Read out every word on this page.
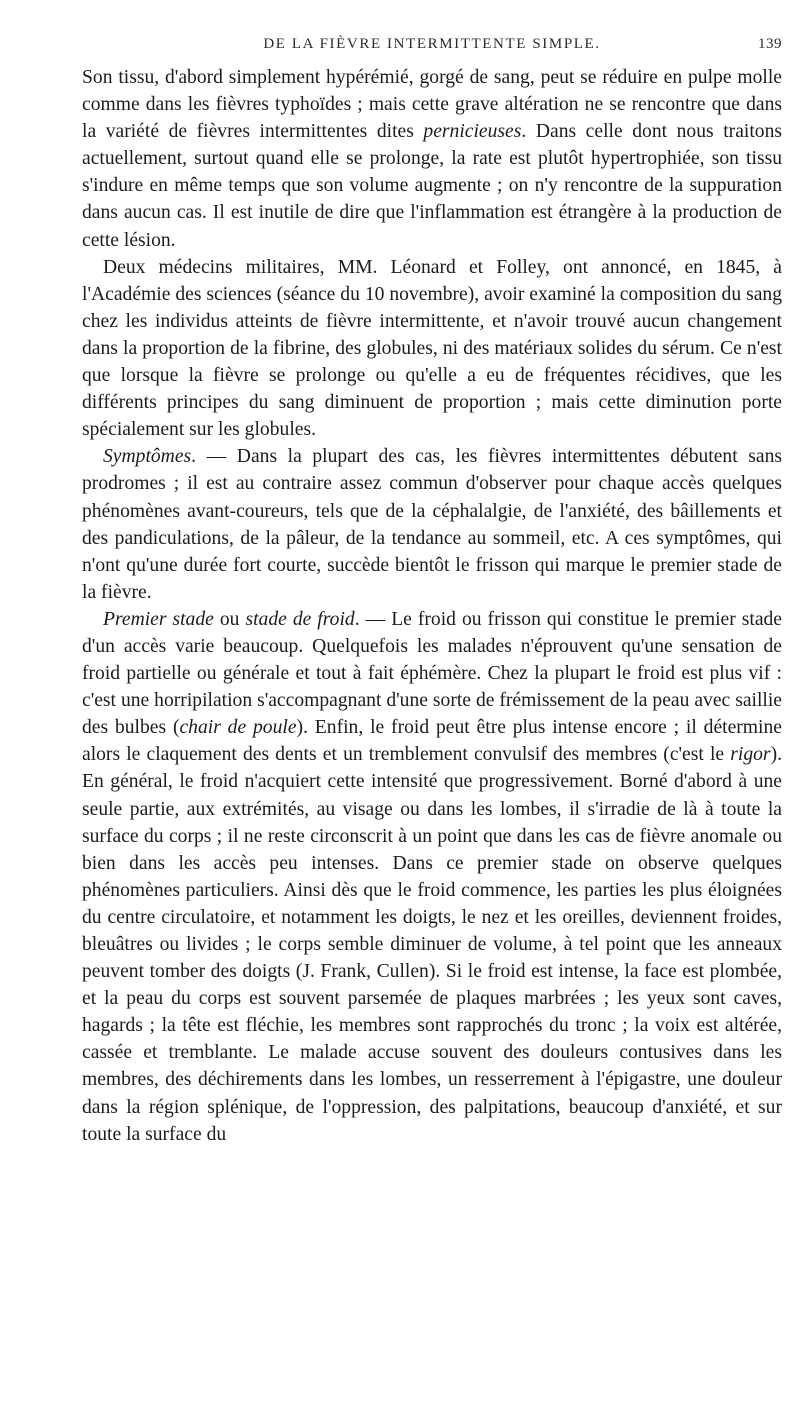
DE LA FIÈVRE INTERMITTENTE SIMPLE.	139

Son tissu, d'abord simplement hypérémié, gorgé de sang, peut se réduire en pulpe molle comme dans les fièvres typhoïdes ; mais cette grave altération ne se rencontre que dans la variété de fièvres intermittentes dites pernicieuses. Dans celle dont nous traitons actuellement, surtout quand elle se prolonge, la rate est plutôt hypertrophiée, son tissu s'indure en même temps que son volume augmente ; on n'y rencontre de la suppuration dans aucun cas. Il est inutile de dire que l'inflammation est étrangère à la production de cette lésion.

Deux médecins militaires, MM. Léonard et Folley, ont annoncé, en 1845, à l'Académie des sciences (séance du 10 novembre), avoir examiné la composition du sang chez les individus atteints de fièvre intermittente, et n'avoir trouvé aucun changement dans la proportion de la fibrine, des globules, ni des matériaux solides du sérum. Ce n'est que lorsque la fièvre se prolonge ou qu'elle a eu de fréquentes récidives, que les différents principes du sang diminuent de proportion ; mais cette diminution porte spécialement sur les globules.

Symptômes. — Dans la plupart des cas, les fièvres intermittentes débutent sans prodromes ; il est au contraire assez commun d'observer pour chaque accès quelques phénomènes avant-coureurs, tels que de la céphalalgie, de l'anxiété, des bâillements et des pandiculations, de la pâleur, de la tendance au sommeil, etc. A ces symptômes, qui n'ont qu'une durée fort courte, succède bientôt le frisson qui marque le premier stade de la fièvre.

Premier stade ou stade de froid. — Le froid ou frisson qui constitue le premier stade d'un accès varie beaucoup. Quelquefois les malades n'éprouvent qu'une sensation de froid partielle ou générale et tout à fait éphémère. Chez la plupart le froid est plus vif : c'est une horripilation s'accompagnant d'une sorte de frémissement de la peau avec saillie des bulbes (chair de poule). Enfin, le froid peut être plus intense encore ; il détermine alors le claquement des dents et un tremblement convulsif des membres (c'est le rigor). En général, le froid n'acquiert cette intensité que progressivement. Borné d'abord à une seule partie, aux extrémités, au visage ou dans les lombes, il s'irradie de là à toute la surface du corps ; il ne reste circonscrit à un point que dans les cas de fièvre anomale ou bien dans les accès peu intenses. Dans ce premier stade on observe quelques phénomènes particuliers. Ainsi dès que le froid commence, les parties les plus éloignées du centre circulatoire, et notamment les doigts, le nez et les oreilles, deviennent froides, bleuâtres ou livides ; le corps semble diminuer de volume, à tel point que les anneaux peuvent tomber des doigts (J. Frank, Cullen). Si le froid est intense, la face est plombée, et la peau du corps est souvent parsemée de plaques marbrées ; les yeux sont caves, hagards ; la tête est fléchie, les membres sont rapprochés du tronc ; la voix est altérée, cassée et tremblante. Le malade accuse souvent des douleurs contusives dans les membres, des déchirements dans les lombes, un resserrement à l'épigastre, une douleur dans la région splénique, de l'oppression, des palpitations, beaucoup d'anxiété, et sur toute la surface du
